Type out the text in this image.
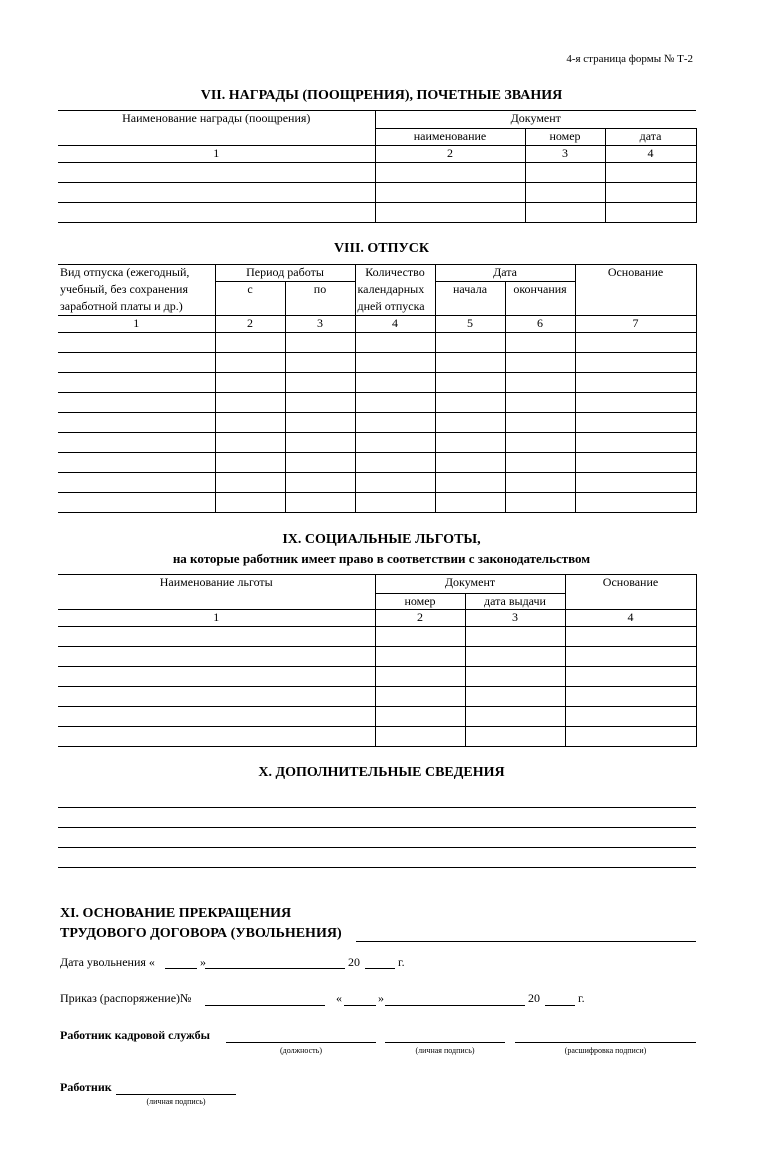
4-я страница формы № Т-2
VII. НАГРАДЫ (ПООЩРЕНИЯ), ПОЧЕТНЫЕ ЗВАНИЯ
Наименование награды (поощрения)	Документ		
	наименование	номер	дата
1	2	3	4

VIII. ОТПУСК
Вид отпуска (ежегодный,	Период работы		Количество	Дата		Основание
учебный, без сохранения	с	по	календарных	начала	окончания	
заработной платы и др.)			дней отпуска			
1	2	3	4	5	6	7

IX. СОЦИАЛЬНЫЕ ЛЬГОТЫ,
на которые работник имеет право в соответствии с законодательством
Наименование льготы	Документ		Основание
	номер	дата выдачи	
1	2	3	4

X. ДОПОЛНИТЕЛЬНЫЕ СВЕДЕНИЯ
XI. ОСНОВАНИЕ ПРЕКРАЩЕНИЯ
ТРУДОВОГО ДОГОВОРА (УВОЛЬНЕНИЯ)
Дата увольнения «	»	20	г.
Приказ (распоряжение)№	«	»	20	г.
Работник кадровой службы
(должность)	(личная подпись)	(расшифровка подписи)
Работник
(личная подпись)
